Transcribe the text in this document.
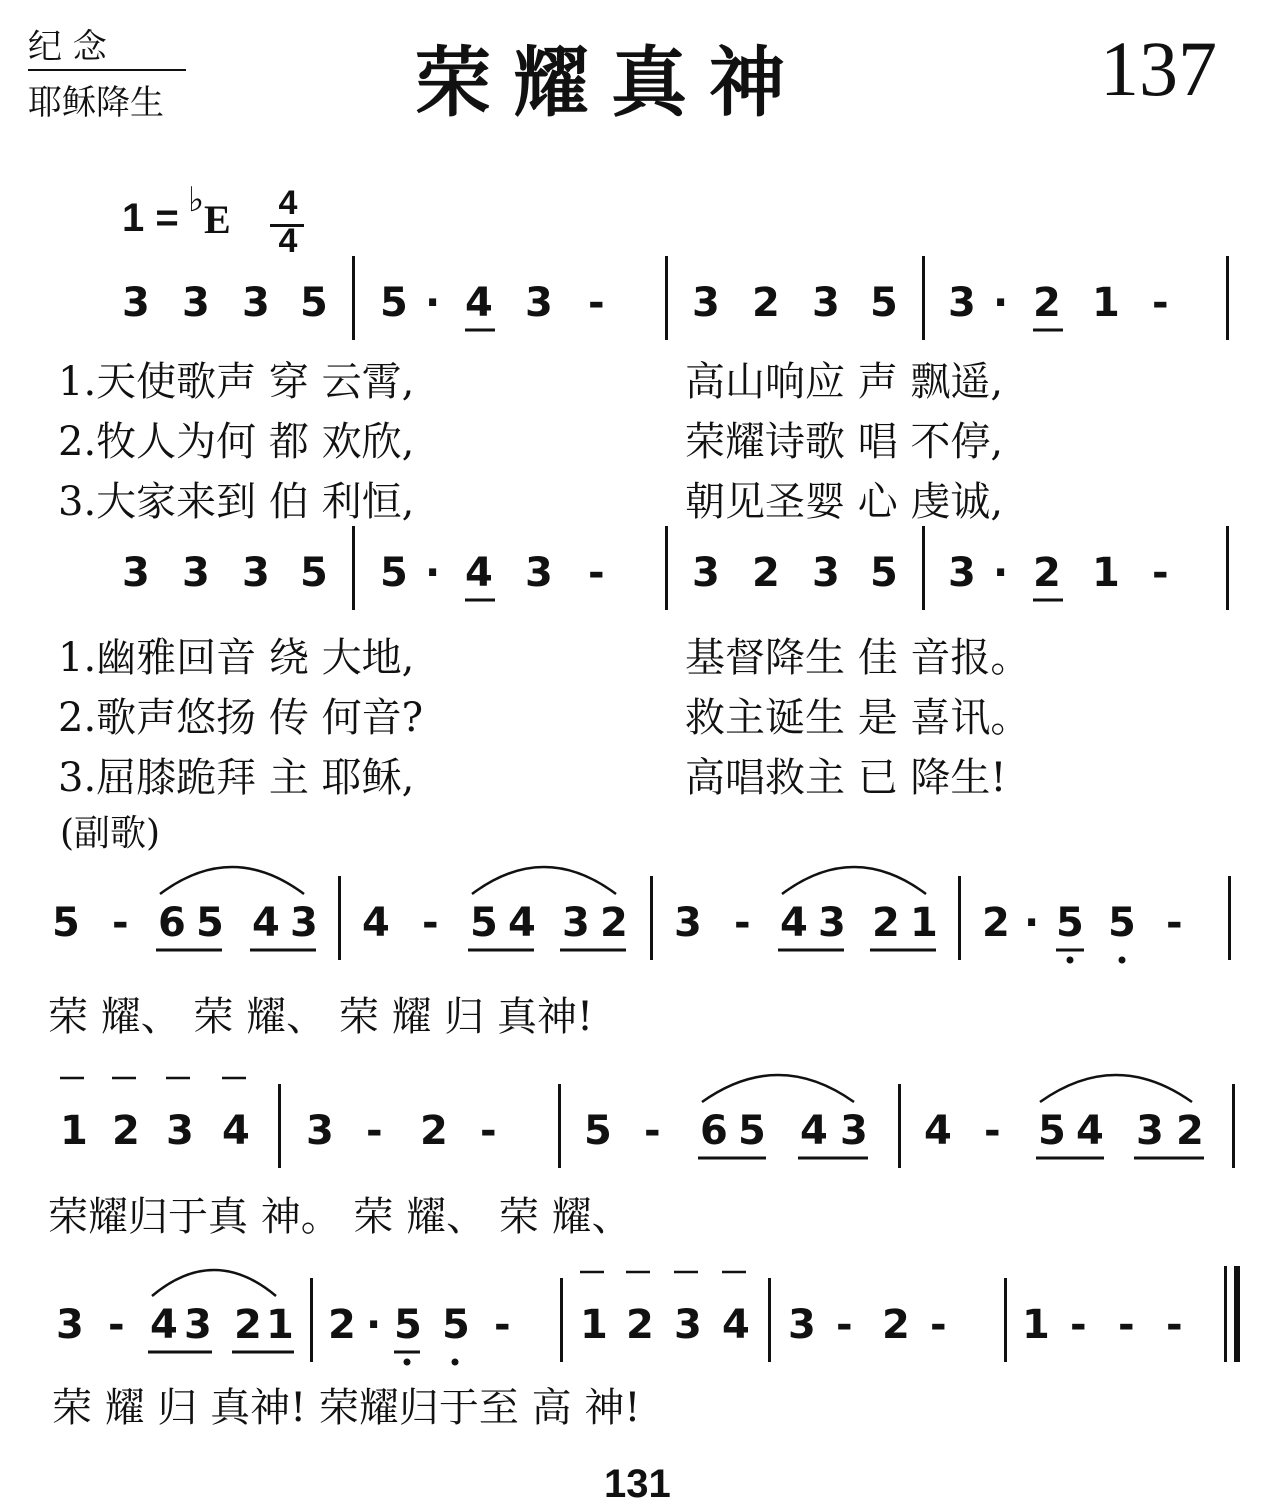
纪 念
耶稣降生	荣耀真神	137
1 = ♭ E 4
4
3 3 3 5 5 · 4 3 - 3 2 3 5 3 · 2 1 -
1.天使歌声 穿 云霄,
2.牧人为何 都 欢欣,
3.大家来到 伯 利恒,
高山响应 声 飘遥,
荣耀诗歌 唱 不停,
朝见圣婴 心 虔诚,
3 3 3 5 5 · 4 3 - 3 2 3 5 3 · 2 1 -
1.幽雅回音 绕 大地,
2.歌声悠扬 传 何音?
3.屈膝跪拜 主 耶稣,
基督降生 佳 音报。
救主诞生 是 喜讯。
高唱救主 已 降生!
(副歌)
5 - 6 5 4 3 4 - 5 4 3 2 3 - 4 3 2 1 2 · 5 5 -
荣 耀、 荣 耀、 荣 耀 归 真神!
1 2 3 4 3 - 2 - 5 - 6 5 4 3 4 - 5 4 3 2
荣耀归于真 神。 荣 耀、 荣 耀、
3 - 4 3 2 1 2 · 5 5 - 1 2 3 4 3 - 2 - 1 - - -
荣 耀 归 真神! 荣耀归于至 高 神!
131
